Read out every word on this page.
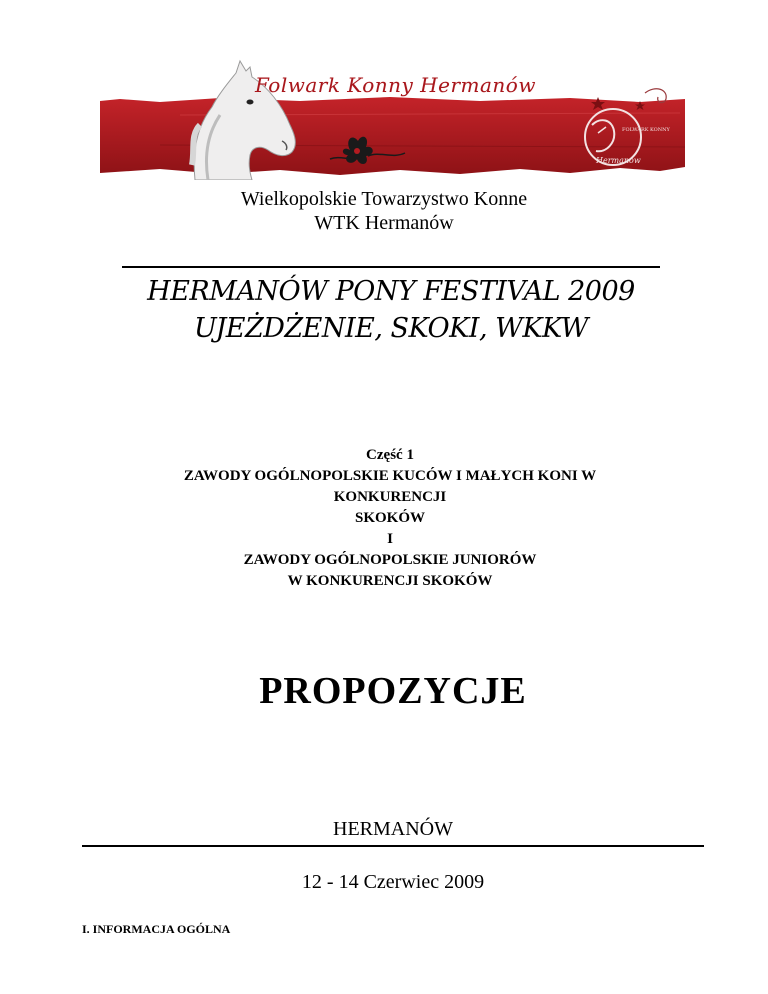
FOLWARK KONNY
Hermanów
Folwark Konny Hermanów
Wielkopolskie Towarzystwo Konne
WTK Hermanów
HERMANÓW PONY FESTIVAL 2009
UJEŻDŻENIE, SKOKI, WKKW
Część 1
ZAWODY OGÓLNOPOLSKIE KUCÓW I MAŁYCH KONI W
KONKURENCJI
SKOKÓW
I
ZAWODY OGÓLNOPOLSKIE JUNIORÓW
W KONKURENCJI SKOKÓW
PROPOZYCJE
HERMANÓW
12 - 14 Czerwiec 2009
I. INFORMACJA OGÓLNA
